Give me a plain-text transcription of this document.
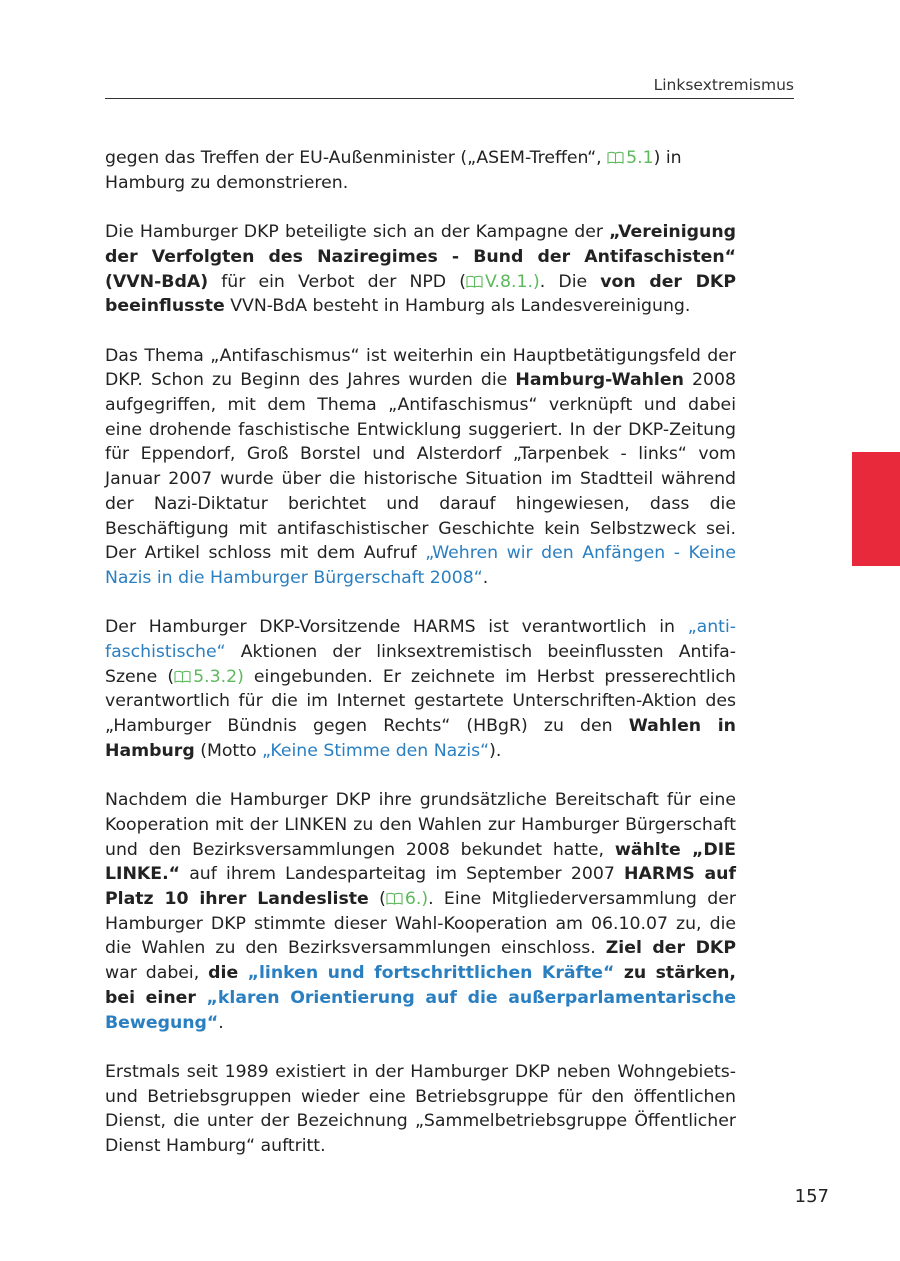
Linksextremismus

gegen das Treffen der EU-Außenminister („ASEM-Treffen“, 5.1) in Hamburg zu demonstrieren.

Die Hamburger DKP beteiligte sich an der Kampagne der „Vereinigung der Verfolgten des Naziregimes - Bund der Antifaschisten“ (VVN-BdA) für ein Verbot der NPD ( V.8.1.). Die von der DKP beeinflusste VVN-BdA besteht in Hamburg als Landesvereinigung.

Das Thema „Antifaschismus“ ist weiterhin ein Hauptbetätigungsfeld der DKP. Schon zu Beginn des Jahres wurden die Hamburg-Wahlen 2008 aufgegriffen, mit dem Thema „Antifaschismus“ verknüpft und dabei eine drohende faschistische Entwicklung suggeriert. In der DKP-Zeitung für Eppendorf, Groß Borstel und Alsterdorf „Tarpenbek - links“ vom Januar 2007 wurde über die historische Situation im Stadtteil während der Nazi-Diktatur berichtet und darauf hingewiesen, dass die Beschäftigung mit antifaschistischer Geschichte kein Selbstzweck sei. Der Artikel schloss mit dem Aufruf „Wehren wir den Anfängen - Keine Nazis in die Hamburger Bürgerschaft 2008“.

Der Hamburger DKP-Vorsitzende HARMS ist verantwortlich in „anti-faschistische“ Aktionen der linksextremistisch beeinflussten Antifa-Szene ( 5.3.2) eingebunden. Er zeichnete im Herbst presserechtlich verantwortlich für die im Internet gestartete Unterschriften-Aktion des „Hamburger Bündnis gegen Rechts“ (HBgR) zu den Wahlen in Hamburg (Motto „Keine Stimme den Nazis“).

Nachdem die Hamburger DKP ihre grundsätzliche Bereitschaft für eine Kooperation mit der LINKEN zu den Wahlen zur Hamburger Bürgerschaft und den Bezirksversammlungen 2008 bekundet hatte, wählte „DIE LINKE.“ auf ihrem Landesparteitag im September 2007 HARMS auf Platz 10 ihrer Landesliste ( 6.). Eine Mitgliederversammlung der Hamburger DKP stimmte dieser Wahl-Kooperation am 06.10.07 zu, die die Wahlen zu den Bezirksversammlungen einschloss. Ziel der DKP war dabei, die „linken und fortschrittlichen Kräfte“ zu stärken, bei einer „klaren Orientierung auf die außerparlamentarische Bewegung“.

Erstmals seit 1989 existiert in der Hamburger DKP neben Wohngebiets- und Betriebsgruppen wieder eine Betriebsgruppe für den öffentlichen Dienst, die unter der Bezeichnung „Sammelbetriebsgruppe Öffentlicher Dienst Hamburg“ auftritt.

157
